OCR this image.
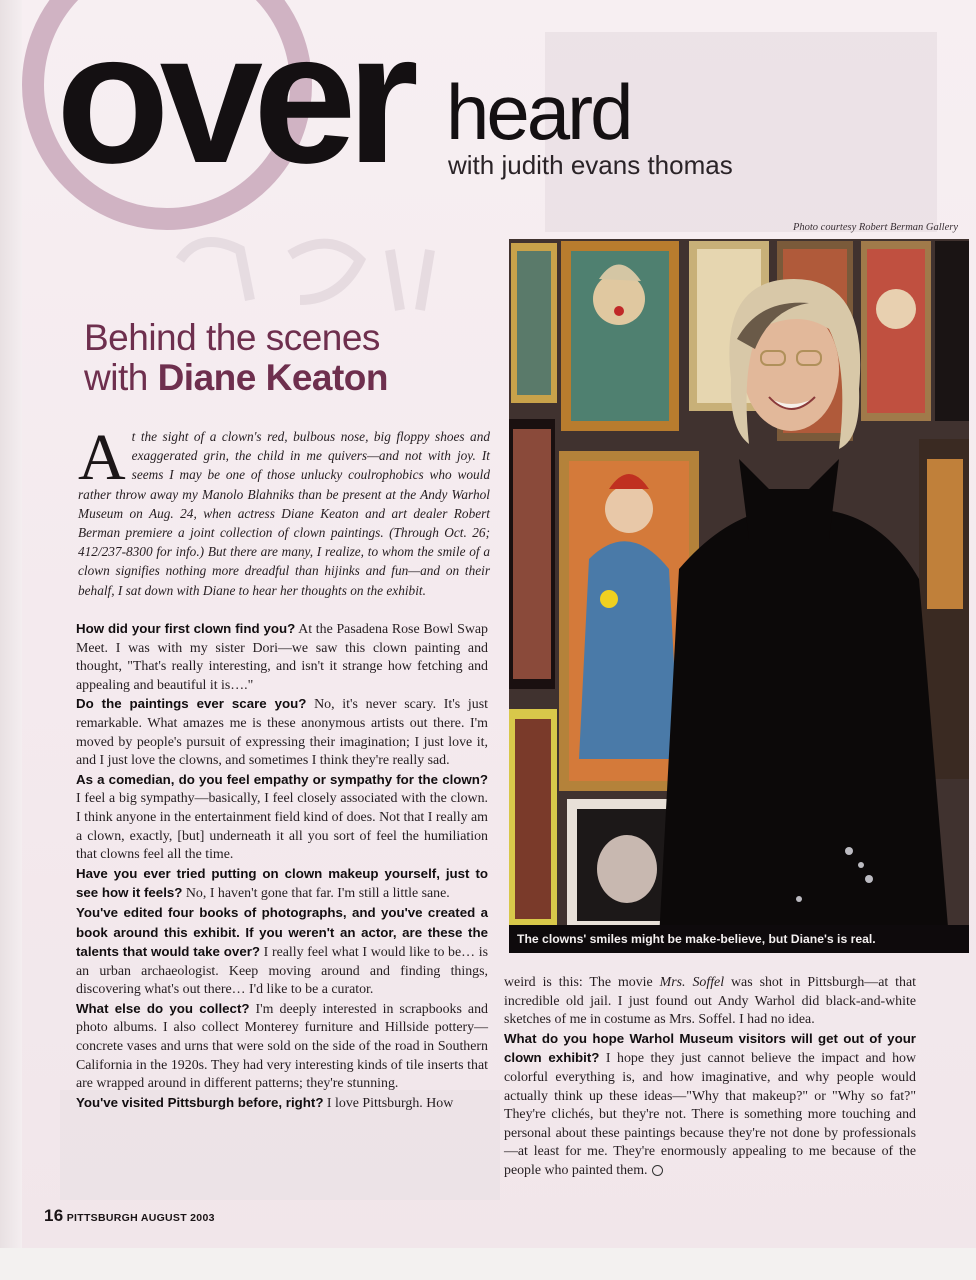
over heard
with judith evans thomas
Photo courtesy Robert Berman Gallery
Behind the scenes
with Diane Keaton
At the sight of a clown's red, bulbous nose, big floppy shoes and exaggerated grin, the child in me quivers—and not with joy. It seems I may be one of those unlucky coulrophobics who would rather throw away my Manolo Blahniks than be present at the Andy Warhol Museum on Aug. 24, when actress Diane Keaton and art dealer Robert Berman premiere a joint collection of clown paintings. (Through Oct. 26; 412/237-8300 for info.) But there are many, I realize, to whom the smile of a clown signifies nothing more dreadful than hijinks and fun—and on their behalf, I sat down with Diane to hear her thoughts on the exhibit.

How did your first clown find you? At the Pasadena Rose Bowl Swap Meet. I was with my sister Dori—we saw this clown painting and thought, "That's really interesting, and isn't it strange how fetching and appealing and beautiful it is…."

Do the paintings ever scare you? No, it's never scary. It's just remarkable. What amazes me is these anonymous artists out there. I'm moved by people's pursuit of expressing their imagination; I just love it, and I just love the clowns, and sometimes I think they're really sad.

As a comedian, do you feel empathy or sympathy for the clown? I feel a big sympathy—basically, I feel closely associated with the clown. I think anyone in the entertainment field kind of does. Not that I really am a clown, exactly, [but] underneath it all you sort of feel the humiliation that clowns feel all the time.

Have you ever tried putting on clown makeup yourself, just to see how it feels? No, I haven't gone that far. I'm still a little sane.

You've edited four books of photographs, and you've created a book around this exhibit. If you weren't an actor, are these the talents that would take over? I really feel what I would like to be… is an urban archaeologist. Keep moving around and finding things, discovering what's out there… I'd like to be a curator.

What else do you collect? I'm deeply interested in scrapbooks and photo albums. I also collect Monterey furniture and Hillside pottery—concrete vases and urns that were sold on the side of the road in Southern California in the 1920s. They had very interesting kinds of tile inserts that are wrapped around in different patterns; they're stunning.

You've visited Pittsburgh before, right? I love Pittsburgh. How

The clowns' smiles might be make-believe, but Diane's is real.

weird is this: The movie Mrs. Soffel was shot in Pittsburgh—at that incredible old jail. I just found out Andy Warhol did black-and-white sketches of me in costume as Mrs. Soffel. I had no idea.

What do you hope Warhol Museum visitors will get out of your clown exhibit? I hope they just cannot believe the impact and how colorful everything is, and how imaginative, and why people would actually think up these ideas—"Why that makeup?" or "Why so fat?" They're clichés, but they're not. There is something more touching and personal about these paintings because they're not done by professionals—at least for me. They're enormously appealing to me because of the people who painted them.

16 PITTSBURGH AUGUST 2003
